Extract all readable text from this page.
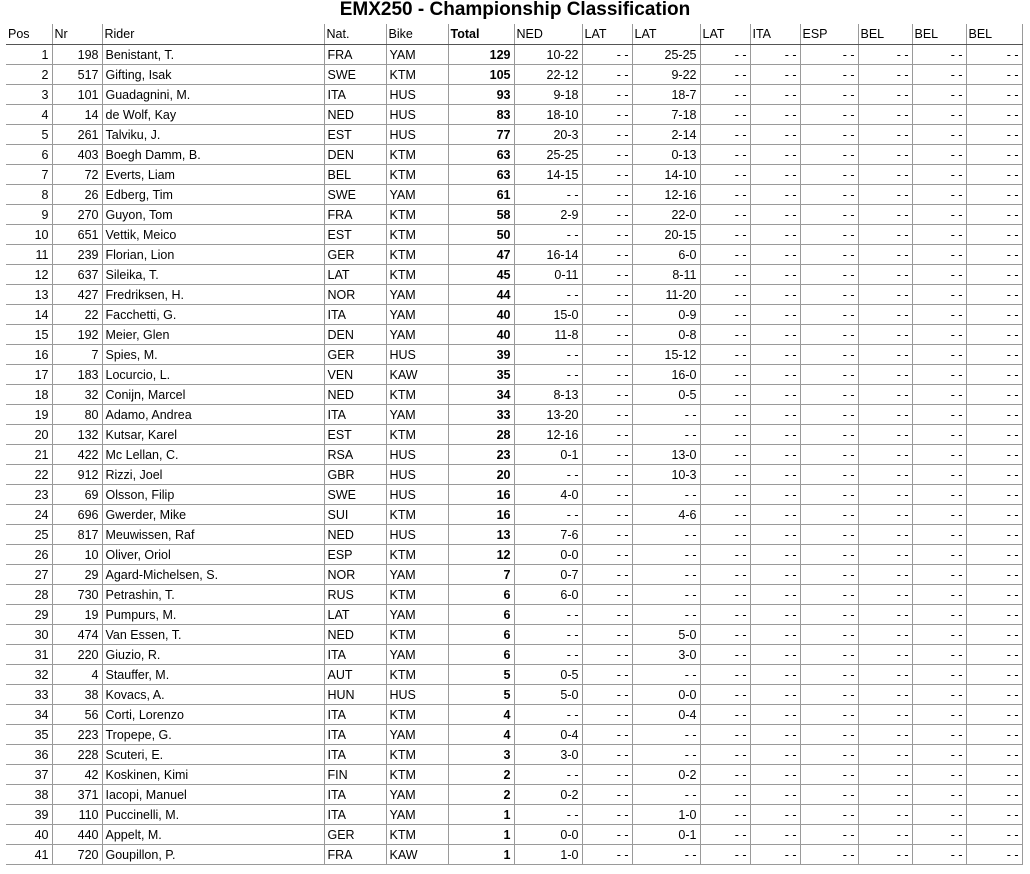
EMX250 - Championship Classification
Pos	Nr	Rider	Nat.	Bike	Total	NED	LAT	LAT	LAT	ITA	ESP	BEL	BEL	BEL
1	198	Benistant, T.	FRA	YAM	129	10-22	- -	25-25	- -	- -	- -	- -	- -	- -
2	517	Gifting, Isak	SWE	KTM	105	22-12	- -	9-22	- -	- -	- -	- -	- -	- -
3	101	Guadagnini, M.	ITA	HUS	93	9-18	- -	18-7	- -	- -	- -	- -	- -	- -
4	14	de Wolf, Kay	NED	HUS	83	18-10	- -	7-18	- -	- -	- -	- -	- -	- -
5	261	Talviku, J.	EST	HUS	77	20-3	- -	2-14	- -	- -	- -	- -	- -	- -
6	403	Boegh Damm, B.	DEN	KTM	63	25-25	- -	0-13	- -	- -	- -	- -	- -	- -
7	72	Everts, Liam	BEL	KTM	63	14-15	- -	14-10	- -	- -	- -	- -	- -	- -
8	26	Edberg, Tim	SWE	YAM	61	- -	- -	12-16	- -	- -	- -	- -	- -	- -
9	270	Guyon, Tom	FRA	KTM	58	2-9	- -	22-0	- -	- -	- -	- -	- -	- -
10	651	Vettik, Meico	EST	KTM	50	- -	- -	20-15	- -	- -	- -	- -	- -	- -
11	239	Florian, Lion	GER	KTM	47	16-14	- -	6-0	- -	- -	- -	- -	- -	- -
12	637	Sileika, T.	LAT	KTM	45	0-11	- -	8-11	- -	- -	- -	- -	- -	- -
13	427	Fredriksen, H.	NOR	YAM	44	- -	- -	11-20	- -	- -	- -	- -	- -	- -
14	22	Facchetti, G.	ITA	YAM	40	15-0	- -	0-9	- -	- -	- -	- -	- -	- -
15	192	Meier, Glen	DEN	YAM	40	11-8	- -	0-8	- -	- -	- -	- -	- -	- -
16	7	Spies, M.	GER	HUS	39	- -	- -	15-12	- -	- -	- -	- -	- -	- -
17	183	Locurcio, L.	VEN	KAW	35	- -	- -	16-0	- -	- -	- -	- -	- -	- -
18	32	Conijn, Marcel	NED	KTM	34	8-13	- -	0-5	- -	- -	- -	- -	- -	- -
19	80	Adamo, Andrea	ITA	YAM	33	13-20	- -	- -	- -	- -	- -	- -	- -	- -
20	132	Kutsar, Karel	EST	KTM	28	12-16	- -	- -	- -	- -	- -	- -	- -	- -
21	422	Mc Lellan, C.	RSA	HUS	23	0-1	- -	13-0	- -	- -	- -	- -	- -	- -
22	912	Rizzi, Joel	GBR	HUS	20	- -	- -	10-3	- -	- -	- -	- -	- -	- -
23	69	Olsson, Filip	SWE	HUS	16	4-0	- -	- -	- -	- -	- -	- -	- -	- -
24	696	Gwerder, Mike	SUI	KTM	16	- -	- -	4-6	- -	- -	- -	- -	- -	- -
25	817	Meuwissen, Raf	NED	HUS	13	7-6	- -	- -	- -	- -	- -	- -	- -	- -
26	10	Oliver, Oriol	ESP	KTM	12	0-0	- -	- -	- -	- -	- -	- -	- -	- -
27	29	Agard-Michelsen, S.	NOR	YAM	7	0-7	- -	- -	- -	- -	- -	- -	- -	- -
28	730	Petrashin, T.	RUS	KTM	6	6-0	- -	- -	- -	- -	- -	- -	- -	- -
29	19	Pumpurs, M.	LAT	YAM	6	- -	- -	- -	- -	- -	- -	- -	- -	- -
30	474	Van Essen, T.	NED	KTM	6	- -	- -	5-0	- -	- -	- -	- -	- -	- -
31	220	Giuzio, R.	ITA	YAM	6	- -	- -	3-0	- -	- -	- -	- -	- -	- -
32	4	Stauffer, M.	AUT	KTM	5	0-5	- -	- -	- -	- -	- -	- -	- -	- -
33	38	Kovacs, A.	HUN	HUS	5	5-0	- -	0-0	- -	- -	- -	- -	- -	- -
34	56	Corti, Lorenzo	ITA	KTM	4	- -	- -	0-4	- -	- -	- -	- -	- -	- -
35	223	Tropepe, G.	ITA	YAM	4	0-4	- -	- -	- -	- -	- -	- -	- -	- -
36	228	Scuteri, E.	ITA	KTM	3	3-0	- -	- -	- -	- -	- -	- -	- -	- -
37	42	Koskinen, Kimi	FIN	KTM	2	- -	- -	0-2	- -	- -	- -	- -	- -	- -
38	371	Iacopi, Manuel	ITA	YAM	2	0-2	- -	- -	- -	- -	- -	- -	- -	- -
39	110	Puccinelli, M.	ITA	YAM	1	- -	- -	1-0	- -	- -	- -	- -	- -	- -
40	440	Appelt, M.	GER	KTM	1	0-0	- -	0-1	- -	- -	- -	- -	- -	- -
41	720	Goupillon, P.	FRA	KAW	1	1-0	- -	- -	- -	- -	- -	- -	- -	- -
